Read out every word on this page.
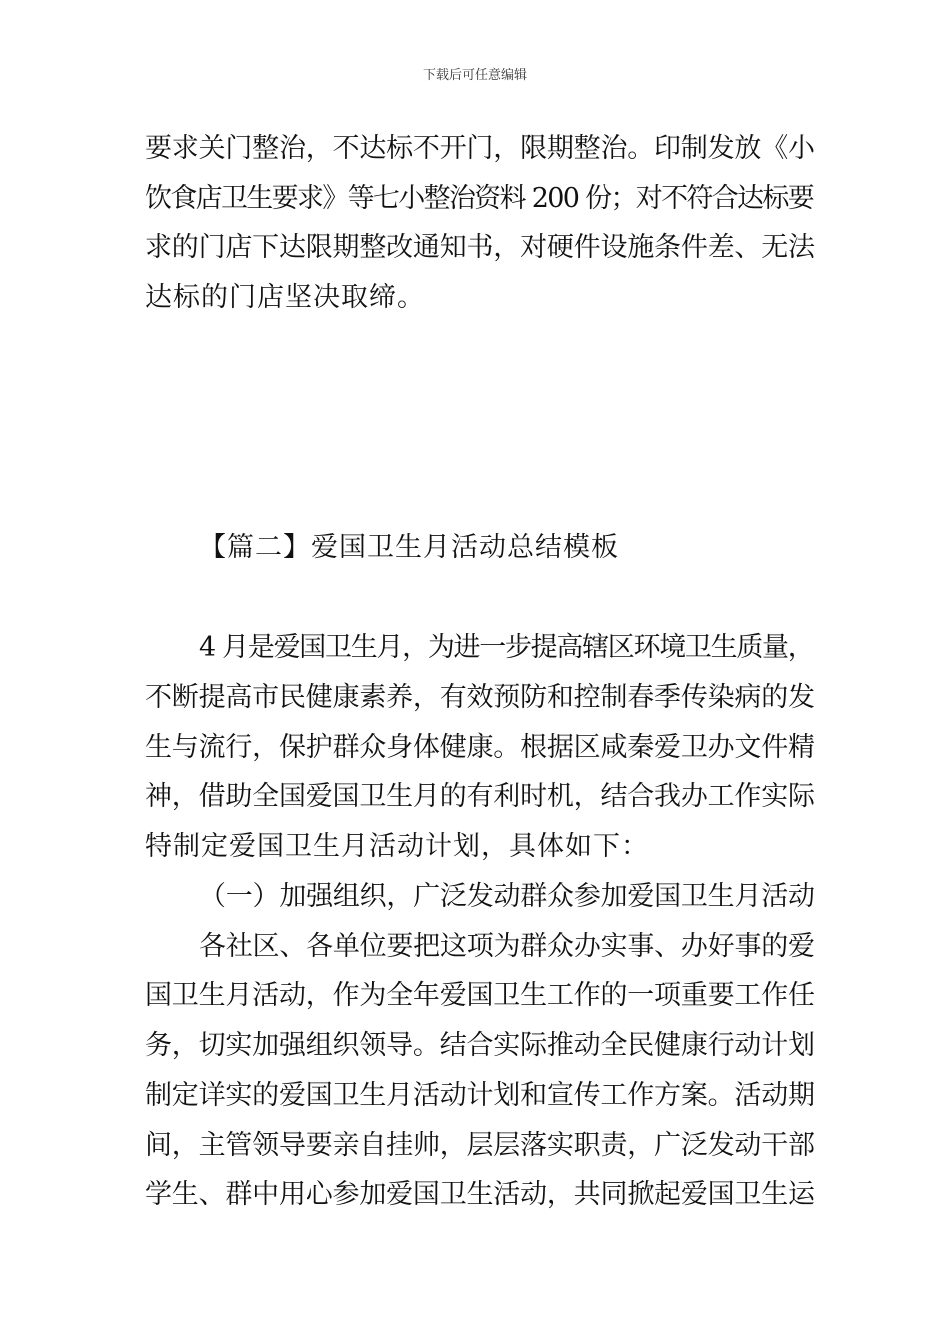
下载后可任意编辑
要求关门整治，不达标不开门，限期整治。印制发放《小
饮食店卫生要求》等七小整治资料 200 份；对不符合达标要
求的门店下达限期整改通知书，对硬件设施条件差、无法
达标的门店坚决取缔。
【篇二】爱国卫生月活动总结模板
4 月是爱国卫生月，为进一步提高辖区环境卫生质量，
不断提高市民健康素养，有效预防和控制春季传染病的发
生与流行，保护群众身体健康。根据区咸秦爱卫办文件精
神，借助全国爱国卫生月的有利时机，结合我办工作实际
特制定爱国卫生月活动计划，具体如下：
（一）加强组织，广泛发动群众参加爱国卫生月活动
各社区、各单位要把这项为群众办实事、办好事的爱
国卫生月活动，作为全年爱国卫生工作的一项重要工作任
务，切实加强组织领导。结合实际推动全民健康行动计划
制定详实的爱国卫生月活动计划和宣传工作方案。活动期
间，主管领导要亲自挂帅，层层落实职责，广泛发动干部
学生、群中用心参加爱国卫生活动，共同掀起爱国卫生运
